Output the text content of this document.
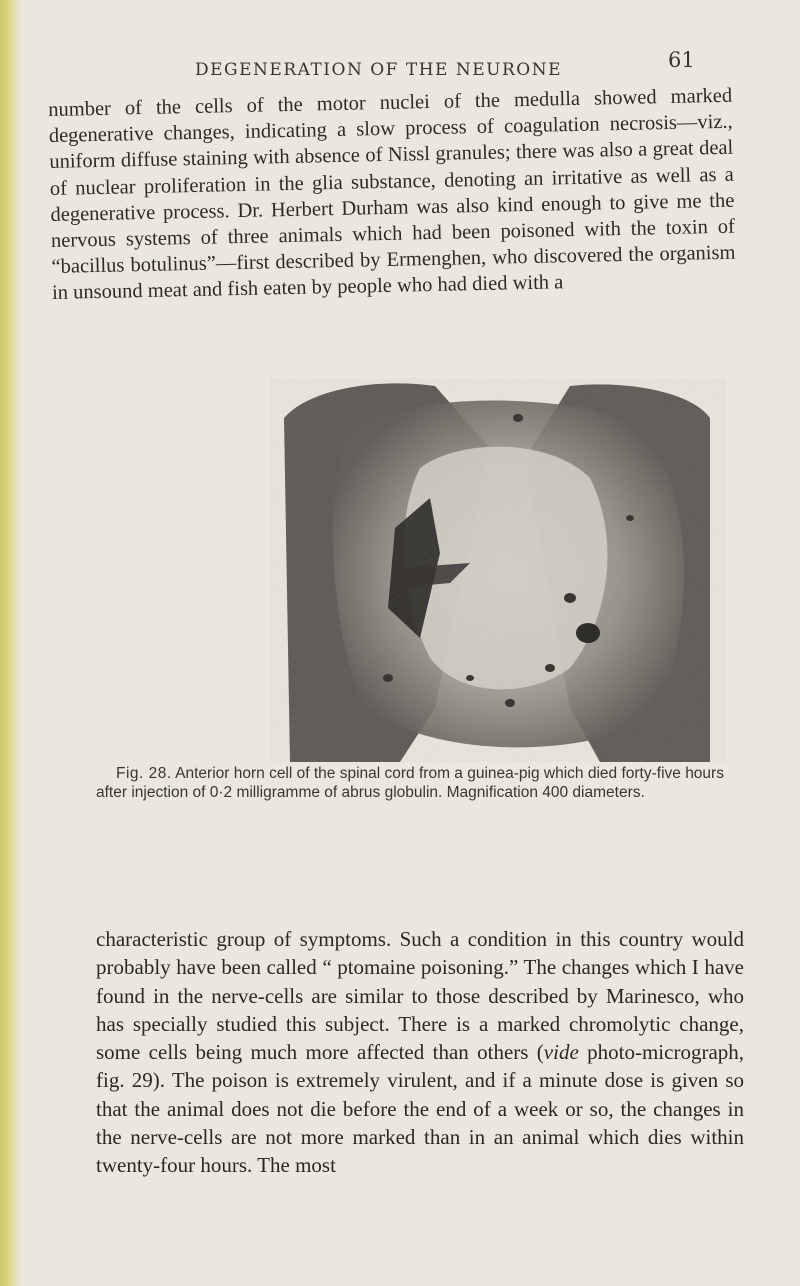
DEGENERATION OF THE NEURONE	61

number of the cells of the motor nuclei of the medulla showed marked degenerative changes, indicating a slow process of coagulation necrosis—viz., uniform diffuse staining with absence of Nissl granules; there was also a great deal of nuclear proliferation in the glia substance, denoting an irritative as well as a degenerative process. Dr. Herbert Durham was also kind enough to give me the nervous systems of three animals which had been poisoned with the toxin of “bacillus botulinus”—first described by Ermenghen, who discovered the organism in unsound meat and fish eaten by people who had died with a

Fig. 28. Anterior horn cell of the spinal cord from a guinea-pig which died forty-five hours after injection of 0·2 milligramme of abrus globulin. Magnification 400 diameters.

characteristic group of symptoms. Such a condition in this country would probably have been called “ ptomaine poisoning.” The changes which I have found in the nerve-cells are similar to those described by Marinesco, who has specially studied this subject. There is a marked chromolytic change, some cells being much more affected than others (vide photo-micrograph, fig. 29). The poison is extremely virulent, and if a minute dose is given so that the animal does not die before the end of a week or so, the changes in the nerve-cells are not more marked than in an animal which dies within twenty-four hours. The most
